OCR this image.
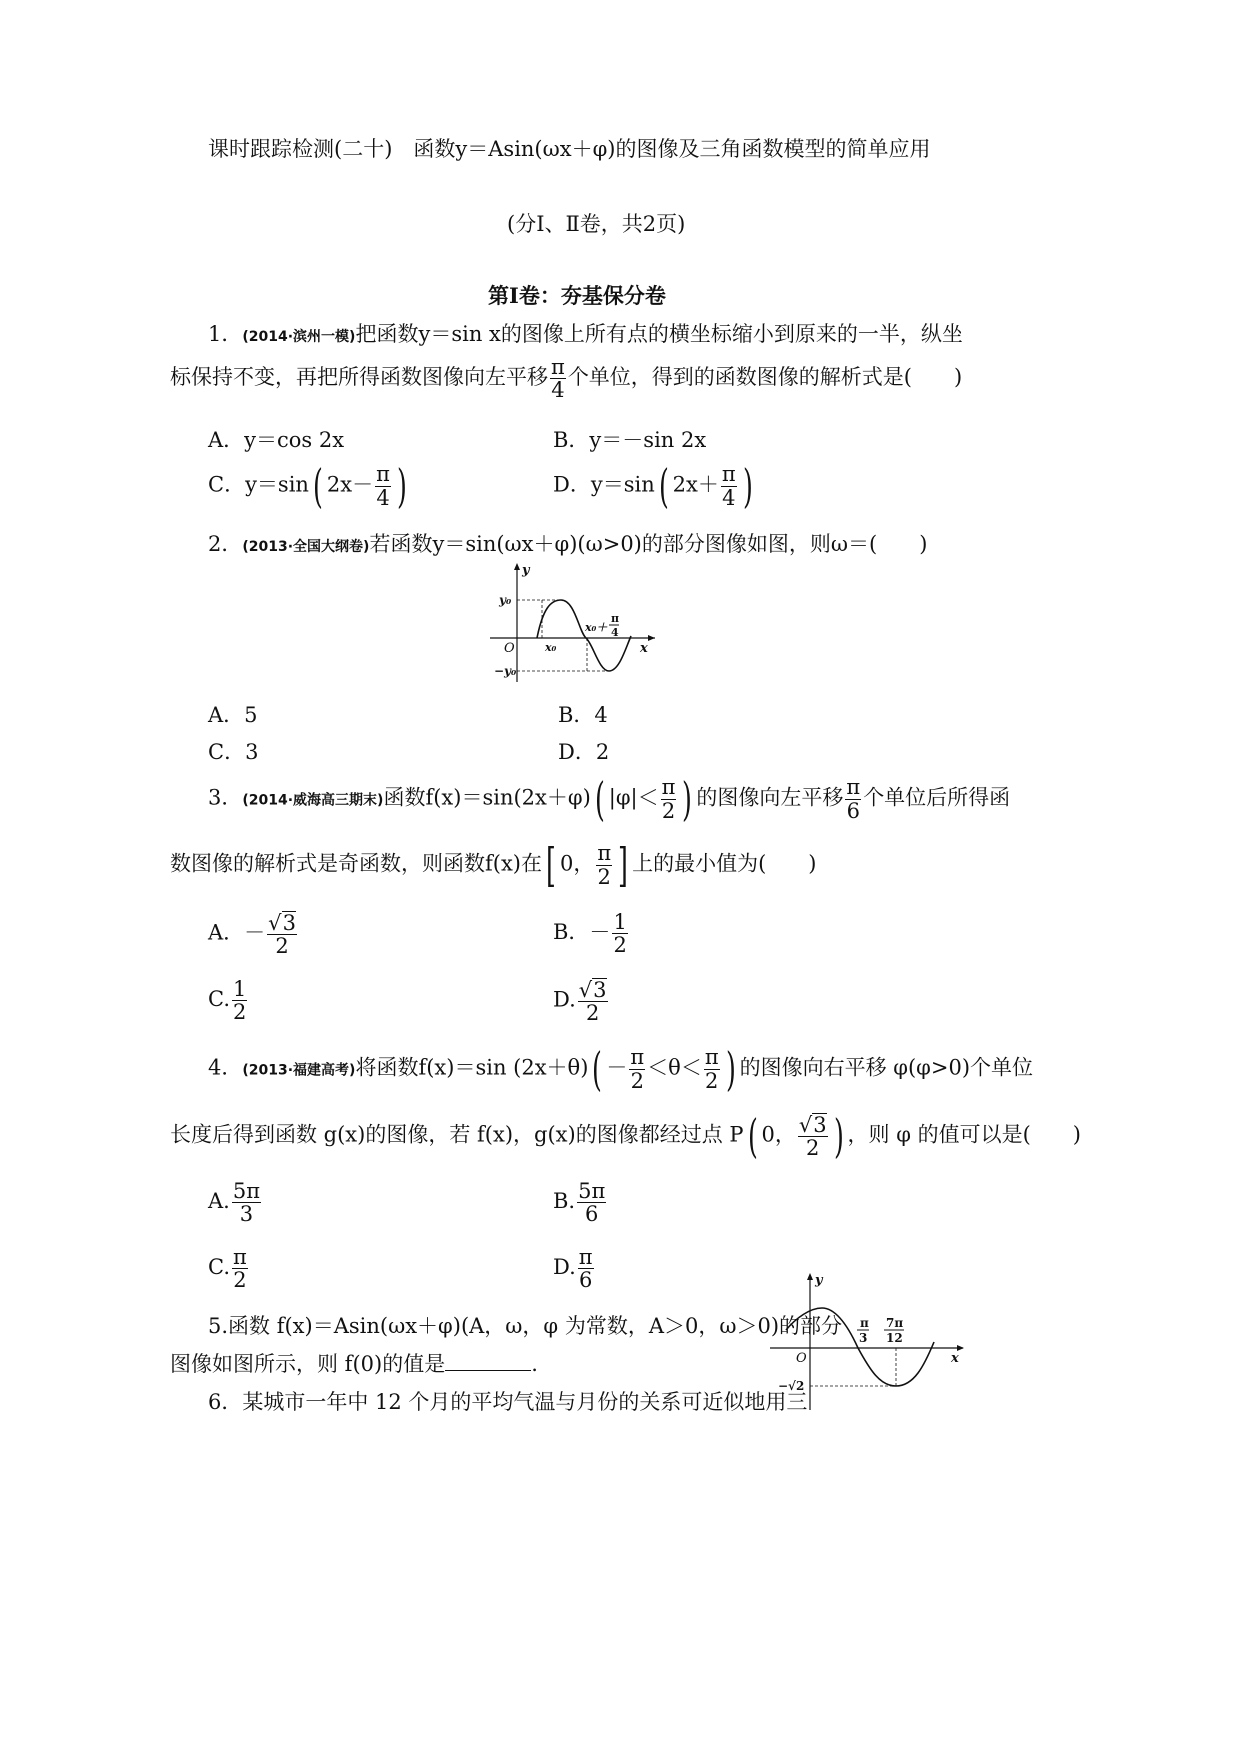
课时跟踪检测(二十)　函数y＝Asin(ωx＋φ)的图像及三角函数模型的简单应用
(分Ⅰ、Ⅱ卷，共2页)
第Ⅰ卷：夯基保分卷
1．(2014·滨州一模)把函数y＝sin x的图像上所有点的横坐标缩小到原来的一半，纵坐
标保持不变，再把所得函数图像向左平移 $\frac{\pi}{4}$ 个单位，得到的函数图像的解析式是(　　)
A．y＝cos 2x	B．y＝－sin 2x
C．y＝sin( $2x- \frac{\pi}{4}$ )	D．y＝sin( $2x+ \frac{\pi}{4}$ )
2．(2013·全国大纲卷)若函数y＝sin(ωx＋φ)(ω>0)的部分图像如图，则ω＝(　　)
y
x
O
y₀
−y₀
x₀
x₀＋
π
4
A．5	B．4
C．3	D．2
3．(2014·威海高三期末)函数f(x)＝sin(2x＋φ)( $|\varphi|< \frac{\pi}{2}$ ) 的图像向左平移 $\frac{\pi}{6}$ 个单位后所得函
数图像的解析式是奇函数，则函数f(x)在[ 0， $\frac{\pi}{2}$ ] 上的最小值为(　　)
A．－ $\frac{√3}{2}$	B．－ $\frac{1}{2}$
C. $\frac{1}{2}$	D. $\frac{√3}{2}$
4．(2013·福建高考)将函数f(x)＝sin $(2x+\theta)( - \frac{\pi}{2} <\theta< \frac{\pi}{2}$ ) 的图像向右平移 φ(φ>0)个单位
长度后得到函数 g(x)的图像，若 f(x)，g(x)的图像都经过点 P( 0， $\frac{√3}{2}$ ) ，则 φ 的值可以是(　　)
A. $\frac{5\pi}{3}$	B. $\frac{5\pi}{6}$
C. $\frac{\pi}{2}$	D. $\frac{\pi}{6}$
5.函数 f(x)＝Asin(ωx＋φ)(A，ω，φ 为常数，A＞0，ω＞0)的部分
图像如图所示，则 f(0)的值是	.
y
x
O
π
3
7π
12
−√2
6．某城市一年中 12 个月的平均气温与月份的关系可近似地用三
